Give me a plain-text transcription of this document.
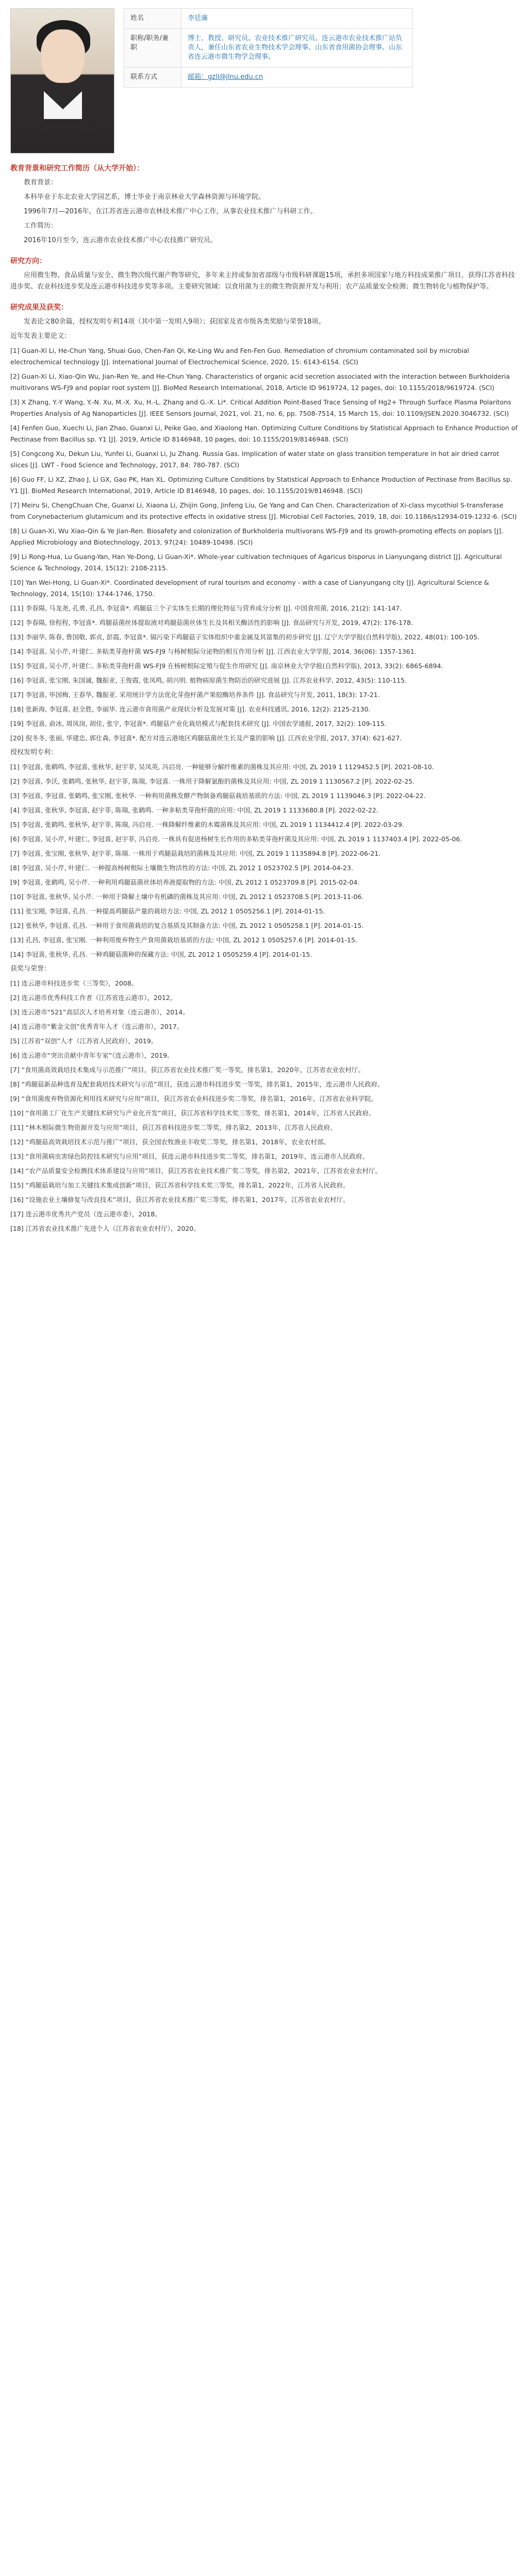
姓名	李廷廉
职称/职务/兼职	博士、教授、研究员。农业技术推广研究员。连云港市农业技术推广站负责人，兼任山东省农业生物技术学会理事、山东省食用菌协会理事、山东省连云港市微生物学会理事。
联系方式	邮箱：gzli@jlnu.edu.cn
教育背景和研究工作简历（从大学开始）：
教育背景：
本科毕业于东北农业大学园艺系，博士毕业于南京林业大学森林资源与环境学院。
1996年7月—2016年，在江苏省连云港市农林技术推广中心工作，从事农业技术推广与科研工作。
工作简历：
2016年10月至今，连云港市农业技术推广中心农技推广研究员。
研究方向：
应用微生物、食品质量与安全、微生物次级代谢产物等研究，多年来主持或参加省部级与市级科研课题15项，承担多项国家与地方科技成果推广项目，获得江苏省科技进步奖、农业科技进步奖及连云港市科技进步奖等多项。主要研究领域：以食用菌为主的微生物资源开发与利用；农产品质量安全检测；微生物转化与植物保护等。
研究成果及获奖：
发表论文80余篇，授权发明专利14项（其中第一发明人9项）；获国家及省市级各类奖励与荣誉18项。
近年发表主要论文：
[1] Guan-Xi Li, He-Chun Yang, Shuai Guo, Chen-Fan Qi, Ke-Ling Wu and Fen-Fen Guo. Remediation of chromium contaminated soil by microbial electrochemical technology [J]. International Journal of Electrochemical Science, 2020, 15: 6143-6154. (SCI)
[2] Guan-Xi Li, Xiao-Qin Wu, Jian-Ren Ye, and He-Chun Yang. Characteristics of organic acid secretion associated with the interaction between Burkholderia multivorans WS-FJ9 and poplar root system [J]. BioMed Research International, 2018, Article ID 9619724, 12 pages, doi: 10.1155/2018/9619724. (SCI)
[3] X Zhang, Y.-Y Wang, Y.-N. Xu, M.-X. Xu, H.-L. Zhang and G.-X. Li*. Critical Addition Point-Based Trace Sensing of Hg2+ Through Surface Plasma Polaritons Properties Analysis of Ag Nanoparticles [J]. IEEE Sensors Journal, 2021, vol. 21, no. 6, pp. 7508-7514, 15 March 15, doi: 10.1109/JSEN.2020.3046732. (SCI)
[4] Fenfen Guo, Xuechi Li, Jian Zhao, Guanxi Li, Peike Gao, and Xiaolong Han. Optimizing Culture Conditions by Statistical Approach to Enhance Production of Pectinase from Bacillus sp. Y1 [J]. 2019, Article ID 8146948, 10 pages, doi: 10.1155/2019/8146948. (SCI)
[5] Congcong Xu, Dekun Liu, Yunfei Li, Guanxi Li, Ju Zhang. Russia Gas. Implication of water state on glass transition temperature in hot air dried carrot slices [J]. LWT - Food Science and Technology, 2017, 84: 780-787. (SCI)
[6] Guo FF, Li XZ, Zhao J, Li GX, Gao PK, Han XL. Optimizing Culture Conditions by Statistical Approach to Enhance Production of Pectinase from Bacillus sp. Y1 [J]. BioMed Research International, 2019, Article ID 8146948, 10 pages, doi: 10.1155/2019/8146948. (SCI)
[7] Meiru Si, ChengChuan Che, Guanxi Li, Xiaona Li, Zhijin Gong, Jinfeng Liu, Ge Yang and Can Chen. Characterization of Xi-class mycothiol S-transferase from Corynebacterium glutamicum and its protective effects in oxidative stress [J]. Microbial Cell Factories, 2019, 18, doi: 10.1186/s12934-019-1232-6. (SCI)
[8] Li Guan-Xi, Wu Xiao-Qin & Ye Jian-Ren. Biosafety and colonization of Burkholderia multivorans WS-FJ9 and its growth-promoting effects on poplars [J]. Applied Microbiology and Biotechnology, 2013, 97(24): 10489-10498. (SCI)
[9] Li Rong-Hua, Lu Guang-Yan, Han Ye-Dong, Li Guan-Xi*. Whole-year cultivation techniques of Agaricus bisporus in Lianyungang district [J]. Agricultural Science & Technology, 2014, 15(12): 2108-2115.
[10] Yan Wei-Hong, Li Guan-Xi*. Coordinated development of rural tourism and economy - with a case of Lianyungang city [J]. Agricultural Science & Technology, 2014, 15(10): 1744-1746, 1750.
[11] 李春陽, 马龙尧, 孔勇, 孔昌, 李冠喜*. 鸡腿菇三个子实体生长期的理化特征与营养成分分析 [J]. 中国食用菌, 2016, 21(2): 141-147.
[12] 李春陽, 徐程程, 李冠喜*. 鸡腿菇菌丝体提取液对鸡腿菇菌丝体生长及其相关酶活性的影响 [J]. 食品研究与开发, 2019, 47(2): 176-178.
[13] 李丽华, 陈春, 鲁国敬, 郭贞, 彭霞, 李冠喜*. 镉污染下鸡腿菇子实体组织中重金属及其富集的初步研究 [J]. 辽宁大学学报(自然科学版), 2022, 48(01): 100-105.
[14] 李冠喜, 吴小芹, 叶建仁. 多粘类芽孢杆菌 WS-FJ9 与杨树根际分泌物的相互作用分析 [J]. 江西农业大学学报, 2014, 36(06): 1357-1361.
[15] 李冠喜, 吴小芹, 叶建仁. 多粘类芽孢杆菌 WS-FJ9 在杨树根际定殖与促生作用研究 [J]. 南京林业大学学报(自然科学版), 2013, 33(2): 6865-6894.
[16] 李冠喜, 张宝刚, 朱国诚, 魏振亚, 王俊霞, 张凤鸣, 胡兴明. 植物病原菌生物防治的研究进展 [J]. 江苏农业科学, 2012, 43(5): 110-115.
[17] 李冠喜, 毕国梅, 王春华, 魏振亚. 采用统计学方法优化芽孢杆菌产果胶酶培养条件 [J]. 食品研究与开发, 2011, 18(3): 17-21.
[18] 张新海, 李冠喜, 赵全胜, 李丽华. 连云港市食用菌产业现状分析及发展对策 [J]. 农业科技通讯, 2016, 12(2): 2125-2130.
[19] 李冠喜, 俞冰, 周凤岗, 胡佳, 张宇, 李冠喜*. 鸡腿菇产业化栽培模式与配套技术研究 [J]. 中国农学通报, 2017, 32(2): 109-115.
[20] 倪冬冬, 张丽, 华建忠, 郭仕森, 李冠喜*. 配方对连云港地区鸡腿菇菌丝生长及产量的影响 [J]. 江西农业学报, 2017, 37(4): 621-627.
授权发明专利：
[1] 李冠喜, 张鹤鸣, 李冠喜, 张秋华, 赵宇菲, 吴凤英, 冯启亮. 一种能够分解纤维素的菌株及其应用: 中国, ZL 2019 1 1129452.5 [P]. 2021-08-10.
[2] 李冠喜, 李沃, 张鹤鸣, 张秋华, 赵宇菲, 陈瑞, 李冠喜. 一株用于降解氯酚的菌株及其应用: 中国, ZL 2019 1 1130567.2 [P]. 2022-02-25.
[3] 李冠喜, 李冠喜, 张鹤鸣, 张宝刚, 张秋华. 一种利用菌株发酵产物制备鸡腿菇栽培基质的方法: 中国, ZL 2019 1 1139046.3 [P]. 2022-04-22.
[4] 李冠喜, 张秋华, 李冠喜, 赵宇菲, 陈瑞, 张鹤鸣. 一种多粘类芽孢杆菌的应用: 中国, ZL 2019 1 1133680.8 [P]. 2022-02-22.
[5] 李冠喜, 张鹤鸣, 张秋华, 赵宇菲, 陈瑞, 冯启亮. 一株降解纤维素的木霉菌株及其应用: 中国, ZL 2019 1 1134412.4 [P]. 2022-03-29.
[6] 李冠喜, 吴小芹, 叶建仁, 李冠喜, 赵宇菲, 冯启亮. 一株具有促进杨树生长作用的多粘类芽孢杆菌及其应用: 中国, ZL 2019 1 1137403.4 [P]. 2022-05-06.
[7] 李冠喜, 张宝刚, 张秋华, 赵宇菲, 陈瑞. 一株用于鸡腿菇栽培的菌株及其应用: 中国, ZL 2019 1 1135894.8 [P]. 2022-06-21.
[8] 李冠喜, 吴小芹, 叶建仁. 一种提高杨树根际土壤微生物活性的方法: 中国, ZL 2012 1 0523702.5 [P]. 2014-04-23.
[9] 李冠喜, 张鹤鸣, 吴小芹. 一种利用鸡腿菇菌丝体培养液提取物的方法: 中国, ZL 2012 1 0523709.8 [P]. 2015-02-04.
[10] 李冠喜, 张秋华, 吴小芹. 一种用于降解土壤中有机磷的菌株及其应用: 中国, ZL 2012 1 0523708.5 [P]. 2013-11-06.
[11] 张宝刚, 李冠喜, 孔昌. 一种提高鸡腿菇产量的栽培方法: 中国, ZL 2012 1 0505256.1 [P]. 2014-01-15.
[12] 张秋华, 李冠喜, 孔昌. 一种用于食用菌栽培的复合基质及其制备方法: 中国, ZL 2012 1 0505258.1 [P]. 2014-01-15.
[13] 孔昌, 李冠喜, 张宝刚. 一种利用废弃物生产食用菌栽培基质的方法: 中国, ZL 2012 1 0505257.6 [P]. 2014-01-15.
[14] 李冠喜, 张秋华, 孔昌. 一种鸡腿菇菌种的保藏方法: 中国, ZL 2012 1 0505259.4 [P]. 2014-01-15.
获奖与荣誉：
[1] 连云港市科技进步奖（三等奖），2008。
[2] 连云港市优秀科技工作者（江苏省连云港市），2012。
[3] 连云港市“521”高层次人才培养对象（连云港市），2014。
[4] 连云港市“紫金文创”优秀青年人才（连云港市），2017。
[5] 江苏省“双创”人才（江苏省人民政府），2019。
[6] 连云港市“突出贡献中青年专家”（连云港市），2019。
[7] “食用菌高效栽培技术集成与示范推广”项目，获江苏省农业技术推广奖一等奖，排名第1，2020年，江苏省农业农村厅。
[8] “鸡腿菇新品种选育及配套栽培技术研究与示范”项目，获连云港市科技进步奖一等奖，排名第1，2015年，连云港市人民政府。
[9] “食用菌废弃物资源化利用技术研究与应用”项目，获江苏省农业科技进步奖二等奖，排名第1，2016年，江苏省农业科学院。
[10] “食用菌工厂化生产关键技术研究与产业化开发”项目，获江苏省科学技术奖三等奖，排名第1，2014年，江苏省人民政府。
[11] “林木根际微生物资源开发与应用”项目，获江苏省科技进步奖二等奖，排名第2，2013年，江苏省人民政府。
[12] “鸡腿菇高效栽培技术示范与推广”项目，获全国农牧渔业丰收奖二等奖，排名第1，2018年，农业农村部。
[13] “食用菌病虫害绿色防控技术研究与应用”项目，获连云港市科技进步奖二等奖，排名第1，2019年，连云港市人民政府。
[14] “农产品质量安全检测技术体系建设与应用”项目，获江苏省农业技术推广奖二等奖，排名第2，2021年，江苏省农业农村厅。
[15] “鸡腿菇栽培与加工关键技术集成创新”项目，获江苏省科学技术奖三等奖，排名第1，2022年，江苏省人民政府。
[16] “设施农业土壤修复与改良技术”项目，获江苏省农业技术推广奖三等奖，排名第1，2017年，江苏省农业农村厅。
[17] 连云港市优秀共产党员（连云港市委），2018。
[18] 江苏省农业技术推广先进个人（江苏省农业农村厅），2020。
